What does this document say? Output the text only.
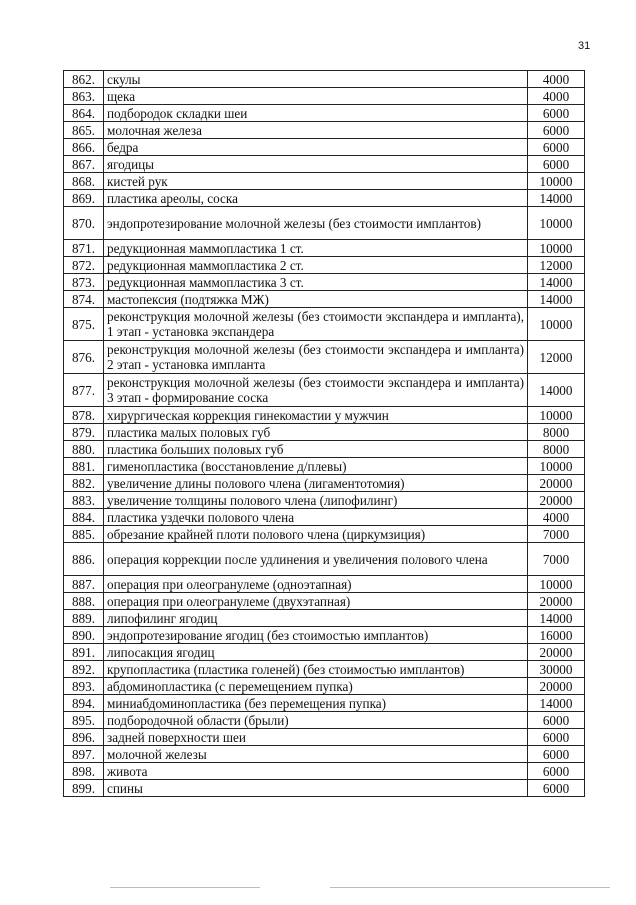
31
862.	скулы	4000
863.	щека	4000
864.	подбородок складки шеи	6000
865.	молочная железа	6000
866.	бедра	6000
867.	ягодицы	6000
868.	кистей рук	10000
869.	пластика ареолы, соска	14000
870.	эндопротезирование молочной железы (без стоимости имплантов)	10000
871.	редукционная маммопластика 1 ст.	10000
872.	редукционная маммопластика 2 ст.	12000
873.	редукционная маммопластика 3 ст.	14000
874.	мастопексия (подтяжка МЖ)	14000
875.	реконструкция молочной железы (без стоимости экспандера и импланта), 1 этап - установка экспандера	10000
876.	реконструкция молочной железы (без стоимости экспандера и импланта) 2 этап - установка импланта	12000
877.	реконструкция молочной железы (без стоимости экспандера и импланта) 3 этап - формирование соска	14000
878.	хирургическая коррекция гинекомастии у мужчин	10000
879.	пластика малых половых губ	8000
880.	пластика больших половых губ	8000
881.	гименопластика (восстановление д/плевы)	10000
882.	увеличение длины полового члена (лигаментотомия)	20000
883.	увеличение толщины полового члена (липофилинг)	20000
884.	пластика уздечки полового члена	4000
885.	обрезание крайней плоти полового члена (циркумзиция)	7000
886.	операция коррекции после удлинения и увеличения полового члена	7000
887.	операция при олеогранулеме (одноэтапная)	10000
888.	операция при олеогранулеме (двухэтапная)	20000
889.	липофилинг ягодиц	14000
890.	эндопротезирование ягодиц (без стоимостью имплантов)	16000
891.	липосакция ягодиц	20000
892.	крупопластика (пластика голеней) (без стоимостью имплантов)	30000
893.	абдоминопластика (с перемещением пупка)	20000
894.	миниабдоминопластика (без перемещения пупка)	14000
895.	подбородочной области (брыли)	6000
896.	задней поверхности шеи	6000
897.	молочной железы	6000
898.	живота	6000
899.	спины	6000
